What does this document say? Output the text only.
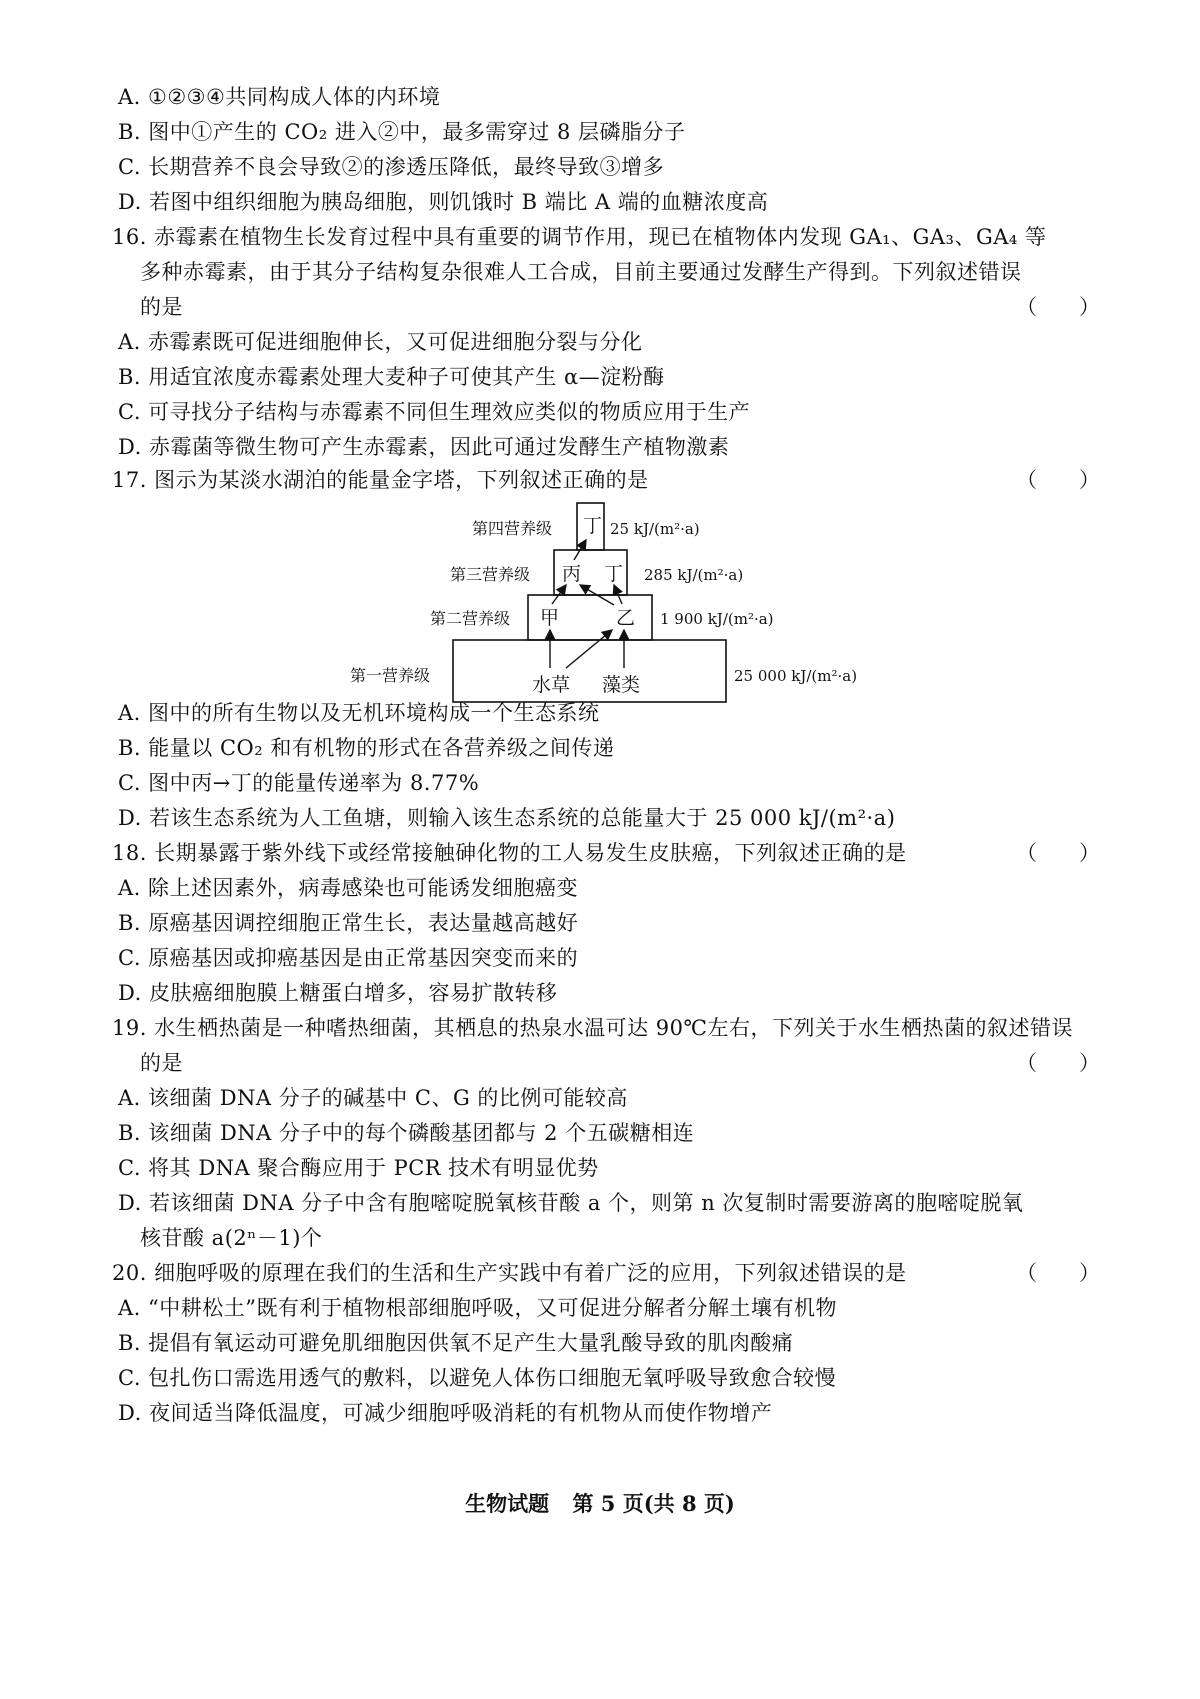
A. ①②③④共同构成人体的内环境
B. 图中①产生的 CO₂ 进入②中，最多需穿过 8 层磷脂分子
C. 长期营养不良会导致②的渗透压降低，最终导致③增多
D. 若图中组织细胞为胰岛细胞，则饥饿时 B 端比 A 端的血糖浓度高
16. 赤霉素在植物生长发育过程中具有重要的调节作用，现已在植物体内发现 GA₁、GA₃、GA₄ 等
多种赤霉素，由于其分子结构复杂很难人工合成，目前主要通过发酵生产得到。下列叙述错误
的是	（　　）
A. 赤霉素既可促进细胞伸长，又可促进细胞分裂与分化
B. 用适宜浓度赤霉素处理大麦种子可使其产生 α—淀粉酶
C. 可寻找分子结构与赤霉素不同但生理效应类似的物质应用于生产
D. 赤霉菌等微生物可产生赤霉素，因此可通过发酵生产植物激素
17. 图示为某淡水湖泊的能量金字塔，下列叙述正确的是	（　　）
第四营养级
第三营养级
第二营养级
第一营养级
25 kJ/(m²·a)
285 kJ/(m²·a)
1 900 kJ/(m²·a)
25 000 kJ/(m²·a)
丁
丙 丁
甲	乙
水草 藻类
A. 图中的所有生物以及无机环境构成一个生态系统
B. 能量以 CO₂ 和有机物的形式在各营养级之间传递
C. 图中丙→丁的能量传递率为 8.77%
D. 若该生态系统为人工鱼塘，则输入该生态系统的总能量大于 25 000 kJ/(m²·a)
18. 长期暴露于紫外线下或经常接触砷化物的工人易发生皮肤癌，下列叙述正确的是	（　　）
A. 除上述因素外，病毒感染也可能诱发细胞癌变
B. 原癌基因调控细胞正常生长，表达量越高越好
C. 原癌基因或抑癌基因是由正常基因突变而来的
D. 皮肤癌细胞膜上糖蛋白增多，容易扩散转移
19. 水生栖热菌是一种嗜热细菌，其栖息的热泉水温可达 90℃左右，下列关于水生栖热菌的叙述错误
的是	（　　）
A. 该细菌 DNA 分子的碱基中 C、G 的比例可能较高
B. 该细菌 DNA 分子中的每个磷酸基团都与 2 个五碳糖相连
C. 将其 DNA 聚合酶应用于 PCR 技术有明显优势
D. 若该细菌 DNA 分子中含有胞嘧啶脱氧核苷酸 a 个，则第 n 次复制时需要游离的胞嘧啶脱氧
核苷酸 a(2ⁿ－1)个
20. 细胞呼吸的原理在我们的生活和生产实践中有着广泛的应用，下列叙述错误的是	（　　）
A. “中耕松土”既有利于植物根部细胞呼吸，又可促进分解者分解土壤有机物
B. 提倡有氧运动可避免肌细胞因供氧不足产生大量乳酸导致的肌肉酸痛
C. 包扎伤口需选用透气的敷料，以避免人体伤口细胞无氧呼吸导致愈合较慢
D. 夜间适当降低温度，可减少细胞呼吸消耗的有机物从而使作物增产
生物试题 第 5 页(共 8 页)
